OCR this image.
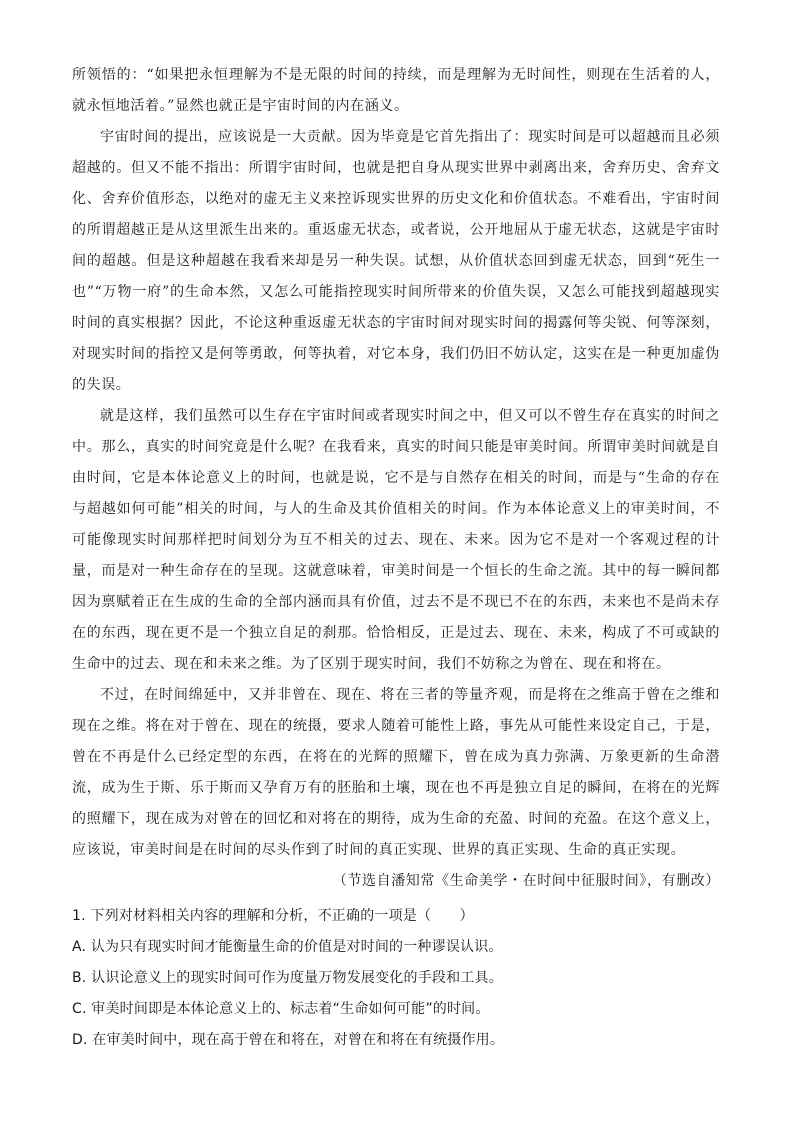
所领悟的：“如果把永恒理解为不是无限的时间的持续，而是理解为无时间性，则现在生活着的人，就永恒地活着。”显然也就正是宇宙时间的内在涵义。

宇宙时间的提出，应该说是一大贡献。因为毕竟是它首先指出了：现实时间是可以超越而且必须超越的。但又不能不指出：所谓宇宙时间，也就是把自身从现实世界中剥离出来，舍弃历史、舍弃文化、舍弃价值形态，以绝对的虚无主义来控诉现实世界的历史文化和价值状态。不难看出，宇宙时间的所谓超越正是从这里派生出来的。重返虚无状态，或者说，公开地屈从于虚无状态，这就是宇宙时间的超越。但是这种超越在我看来却是另一种失误。试想，从价值状态回到虚无状态，回到“死生一也”“万物一府”的生命本然，又怎么可能指控现实时间所带来的价值失误，又怎么可能找到超越现实时间的真实根据？因此，不论这种重返虚无状态的宇宙时间对现实时间的揭露何等尖锐、何等深刻，对现实时间的指控又是何等勇敢，何等执着，对它本身，我们仍旧不妨认定，这实在是一种更加虚伪的失误。

就是这样，我们虽然可以生存在宇宙时间或者现实时间之中，但又可以不曾生存在真实的时间之中。那么，真实的时间究竟是什么呢？在我看来，真实的时间只能是审美时间。所谓审美时间就是自由时间，它是本体论意义上的时间，也就是说，它不是与自然存在相关的时间，而是与“生命的存在与超越如何可能”相关的时间，与人的生命及其价值相关的时间。作为本体论意义上的审美时间，不可能像现实时间那样把时间划分为互不相关的过去、现在、未来。因为它不是对一个客观过程的计量，而是对一种生命存在的呈现。这就意味着，审美时间是一个恒长的生命之流。其中的每一瞬间都因为禀赋着正在生成的生命的全部内涵而具有价值，过去不是不现已不在的东西，未来也不是尚未存在的东西，现在更不是一个独立自足的刹那。恰恰相反，正是过去、现在、未来，构成了不可或缺的生命中的过去、现在和未来之维。为了区别于现实时间，我们不妨称之为曾在、现在和将在。

不过，在时间绵延中，又并非曾在、现在、将在三者的等量齐观，而是将在之维高于曾在之维和现在之维。将在对于曾在、现在的统摄，要求人随着可能性上路，事先从可能性来设定自己，于是，曾在不再是什么已经定型的东西，在将在的光辉的照耀下，曾在成为真力弥满、万象更新的生命潜流，成为生于斯、乐于斯而又孕育万有的胚胎和土壤，现在也不再是独立自足的瞬间，在将在的光辉的照耀下，现在成为对曾在的回忆和对将在的期待，成为生命的充盈、时间的充盈。在这个意义上，应该说，审美时间是在时间的尽头作到了时间的真正实现、世界的真正实现、生命的真正实现。

（节选自潘知常《生命美学・在时间中征服时间》，有删改）

1. 下列对材料相关内容的理解和分析，不正确的一项是（　　）

A. 认为只有现实时间才能衡量生命的价值是对时间的一种谬误认识。

B. 认识论意义上的现实时间可作为度量万物发展变化的手段和工具。

C. 审美时间即是本体论意义上的、标志着“生命如何可能”的时间。

D. 在审美时间中，现在高于曾在和将在，对曾在和将在有统摄作用。
